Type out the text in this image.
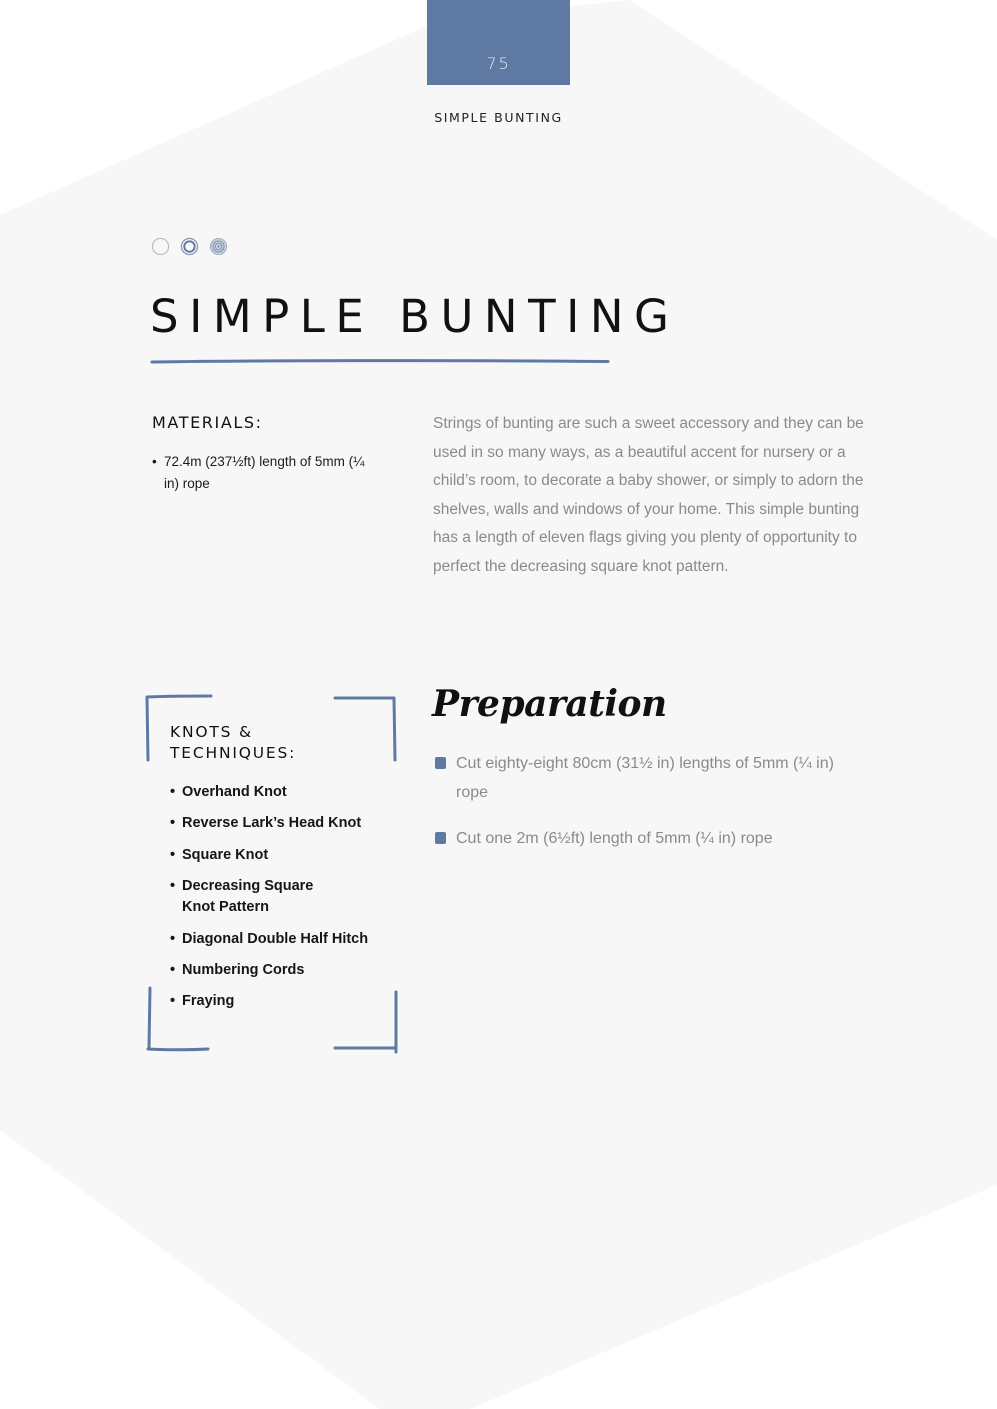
75
SIMPLE BUNTING
SIMPLE BUNTING
MATERIALS:
• 72.4m (237½ft) length of 5mm (¼ in) rope

Strings of bunting are such a sweet accessory and they can be used in so many ways, as a beautiful accent for nursery or a child’s room, to decorate a baby shower, or simply to adorn the shelves, walls and windows of your home. This simple bunting has a length of eleven flags giving you plenty of opportunity to perfect the decreasing square knot pattern.

KNOTS &
TECHNIQUES:
• Overhand Knot
• Reverse Lark’s Head Knot
• Square Knot
• Decreasing Square Knot Pattern
• Diagonal Double Half Hitch
• Numbering Cords
• Fraying
Preparation
Cut eighty-eight 80cm (31½ in) lengths of 5mm (¼ in) rope
Cut one 2m (6½ft) length of 5mm (¼ in) rope
